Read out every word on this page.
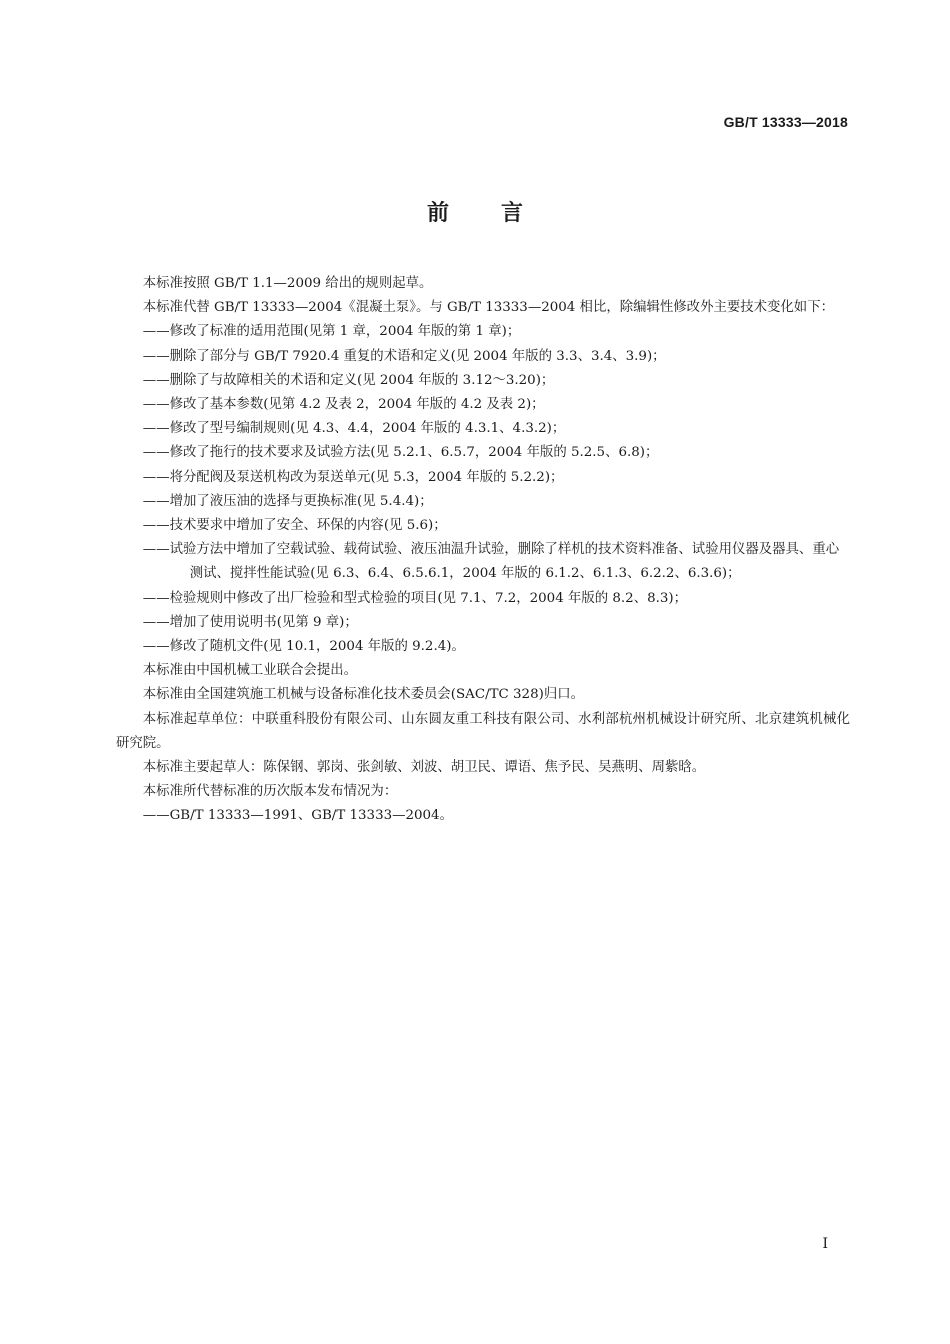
GB/T 13333—2018
前言

本标准按照 GB/T 1.1—2009 给出的规则起草。

本标准代替 GB/T 13333—2004《混凝土泵》。与 GB/T 13333—2004 相比，除编辑性修改外主要技术变化如下：

——修改了标准的适用范围(见第 1 章，2004 年版的第 1 章)；

——删除了部分与 GB/T 7920.4 重复的术语和定义(见 2004 年版的 3.3、3.4、3.9)；

——删除了与故障相关的术语和定义(见 2004 年版的 3.12～3.20)；

——修改了基本参数(见第 4.2 及表 2，2004 年版的 4.2 及表 2)；

——修改了型号编制规则(见 4.3、4.4，2004 年版的 4.3.1、4.3.2)；

——修改了拖行的技术要求及试验方法(见 5.2.1、6.5.7，2004 年版的 5.2.5、6.8)；

——将分配阀及泵送机构改为泵送单元(见 5.3，2004 年版的 5.2.2)；

——增加了液压油的选择与更换标准(见 5.4.4)；

——技术要求中增加了安全、环保的内容(见 5.6)；

——试验方法中增加了空载试验、载荷试验、液压油温升试验，删除了样机的技术资料准备、试验用仪器及器具、重心测试、搅拌性能试验(见 6.3、6.4、6.5.6.1，2004 年版的 6.1.2、6.1.3、6.2.2、6.3.6)；

——检验规则中修改了出厂检验和型式检验的项目(见 7.1、7.2，2004 年版的 8.2、8.3)；

——增加了使用说明书(见第 9 章)；

——修改了随机文件(见 10.1，2004 年版的 9.2.4)。

本标准由中国机械工业联合会提出。

本标准由全国建筑施工机械与设备标准化技术委员会(SAC/TC 328)归口。

本标准起草单位：中联重科股份有限公司、山东圆友重工科技有限公司、水利部杭州机械设计研究所、北京建筑机械化研究院。

本标准主要起草人：陈保钢、郭岗、张剑敏、刘波、胡卫民、谭语、焦予民、吴燕明、周紫晗。

本标准所代替标准的历次版本发布情况为：

——GB/T 13333—1991、GB/T 13333—2004。

I
